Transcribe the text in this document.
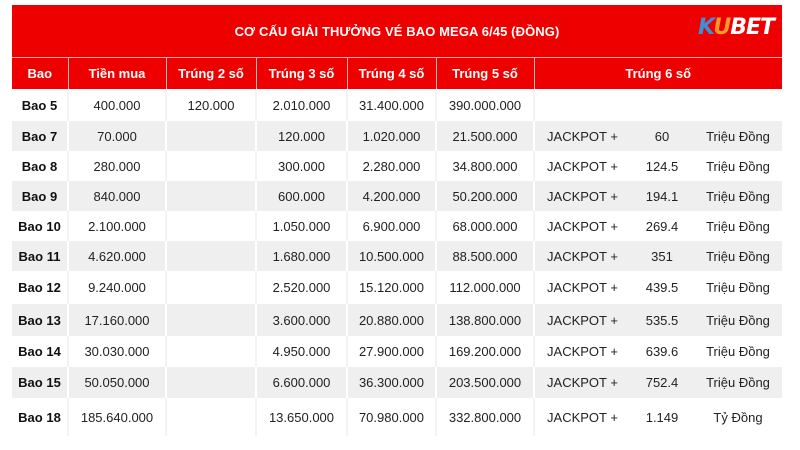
CƠ CẤU GIẢI THƯỞNG VÉ BAO MEGA 6/45 (ĐỒNG)	KUBET
Bao	Tiền mua	Trúng 2 số	Trúng 3 số	Trúng 4 số	Trúng 5 số	Trúng 6 số		
Bao 5	400.000	120.000	2.010.000	31.400.000	390.000.000			
Bao 7	70.000		120.000	1.020.000	21.500.000	JACKPOT +	60	Triệu Đồng
Bao 8	280.000		300.000	2.280.000	34.800.000	JACKPOT +	124.5	Triệu Đồng
Bao 9	840.000		600.000	4.200.000	50.200.000	JACKPOT +	194.1	Triệu Đồng
Bao 10	2.100.000		1.050.000	6.900.000	68.000.000	JACKPOT +	269.4	Triệu Đồng
Bao 11	4.620.000		1.680.000	10.500.000	88.500.000	JACKPOT +	351	Triệu Đồng
Bao 12	9.240.000		2.520.000	15.120.000	112.000.000	JACKPOT +	439.5	Triệu Đồng
Bao 13	17.160.000		3.600.000	20.880.000	138.800.000	JACKPOT +	535.5	Triệu Đồng
Bao 14	30.030.000		4.950.000	27.900.000	169.200.000	JACKPOT +	639.6	Triệu Đồng
Bao 15	50.050.000		6.600.000	36.300.000	203.500.000	JACKPOT +	752.4	Triệu Đồng
Bao 18	185.640.000		13.650.000	70.980.000	332.800.000	JACKPOT +	1.149	Tỷ Đồng
